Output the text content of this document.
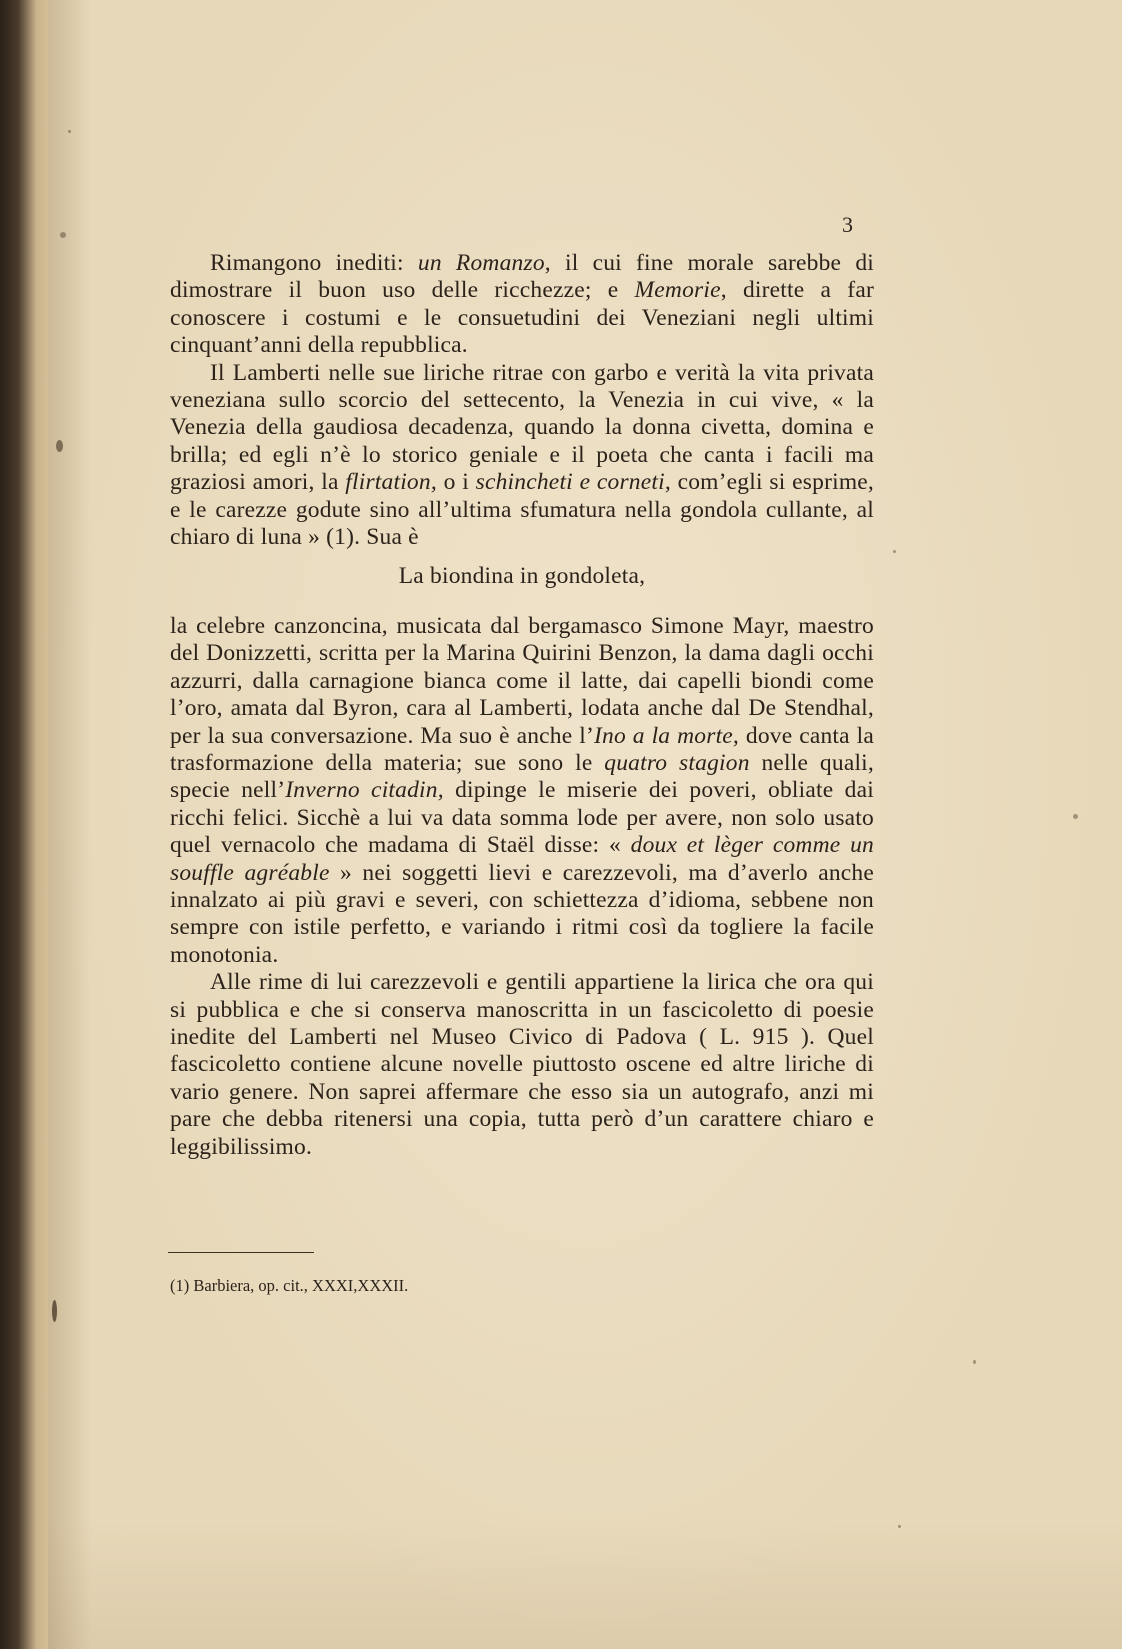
3

Rimangono inediti: un Romanzo, il cui fine morale sarebbe di dimostrare il buon uso delle ricchezze; e Memorie, dirette a far conoscere i costumi e le consuetudini dei Veneziani negli ultimi cinquant’anni della repubblica.

Il Lamberti nelle sue liriche ritrae con garbo e verità la vita privata veneziana sullo scorcio del settecento, la Venezia in cui vive, « la Venezia della gaudiosa decadenza, quando la donna civetta, domina e brilla; ed egli n’è lo storico geniale e il poeta che canta i facili ma graziosi amori, la flirtation, o i schincheti e corneti, com’egli si esprime, e le carezze godute sino all’ultima sfumatura nella gondola cullante, al chiaro di luna » (1). Sua è

La biondina in gondoleta,

la celebre canzoncina, musicata dal bergamasco Simone Mayr, maestro del Donizzetti, scritta per la Marina Quirini Benzon, la dama dagli occhi azzurri, dalla carnagione bianca come il latte, dai capelli biondi come l’oro, amata dal Byron, cara al Lamberti, lodata anche dal De Stendhal, per la sua conversazione. Ma suo è anche l’Ino a la morte, dove canta la trasformazione della materia; sue sono le quatro stagion nelle quali, specie nell’Inverno citadin, dipinge le miserie dei poveri, obliate dai ricchi felici. Sicchè a lui va data somma lode per avere, non solo usato quel vernacolo che madama di Staël disse: « doux et lèger comme un souffle agréable » nei soggetti lievi e carezzevoli, ma d’averlo anche innalzato ai più gravi e severi, con schiettezza d’idioma, sebbene non sempre con istile perfetto, e variando i ritmi così da togliere la facile monotonia.

Alle rime di lui carezzevoli e gentili appartiene la lirica che ora qui si pubblica e che si conserva manoscritta in un fascicoletto di poesie inedite del Lamberti nel Museo Civico di Padova ( L. 915 ). Quel fascicoletto contiene alcune novelle piuttosto oscene ed altre liriche di vario genere. Non saprei affermare che esso sia un autografo, anzi mi pare che debba ritenersi una copia, tutta però d’un carattere chiaro e leggibilissimo.

(1) Barbiera, op. cit., XXXI,XXXII.
